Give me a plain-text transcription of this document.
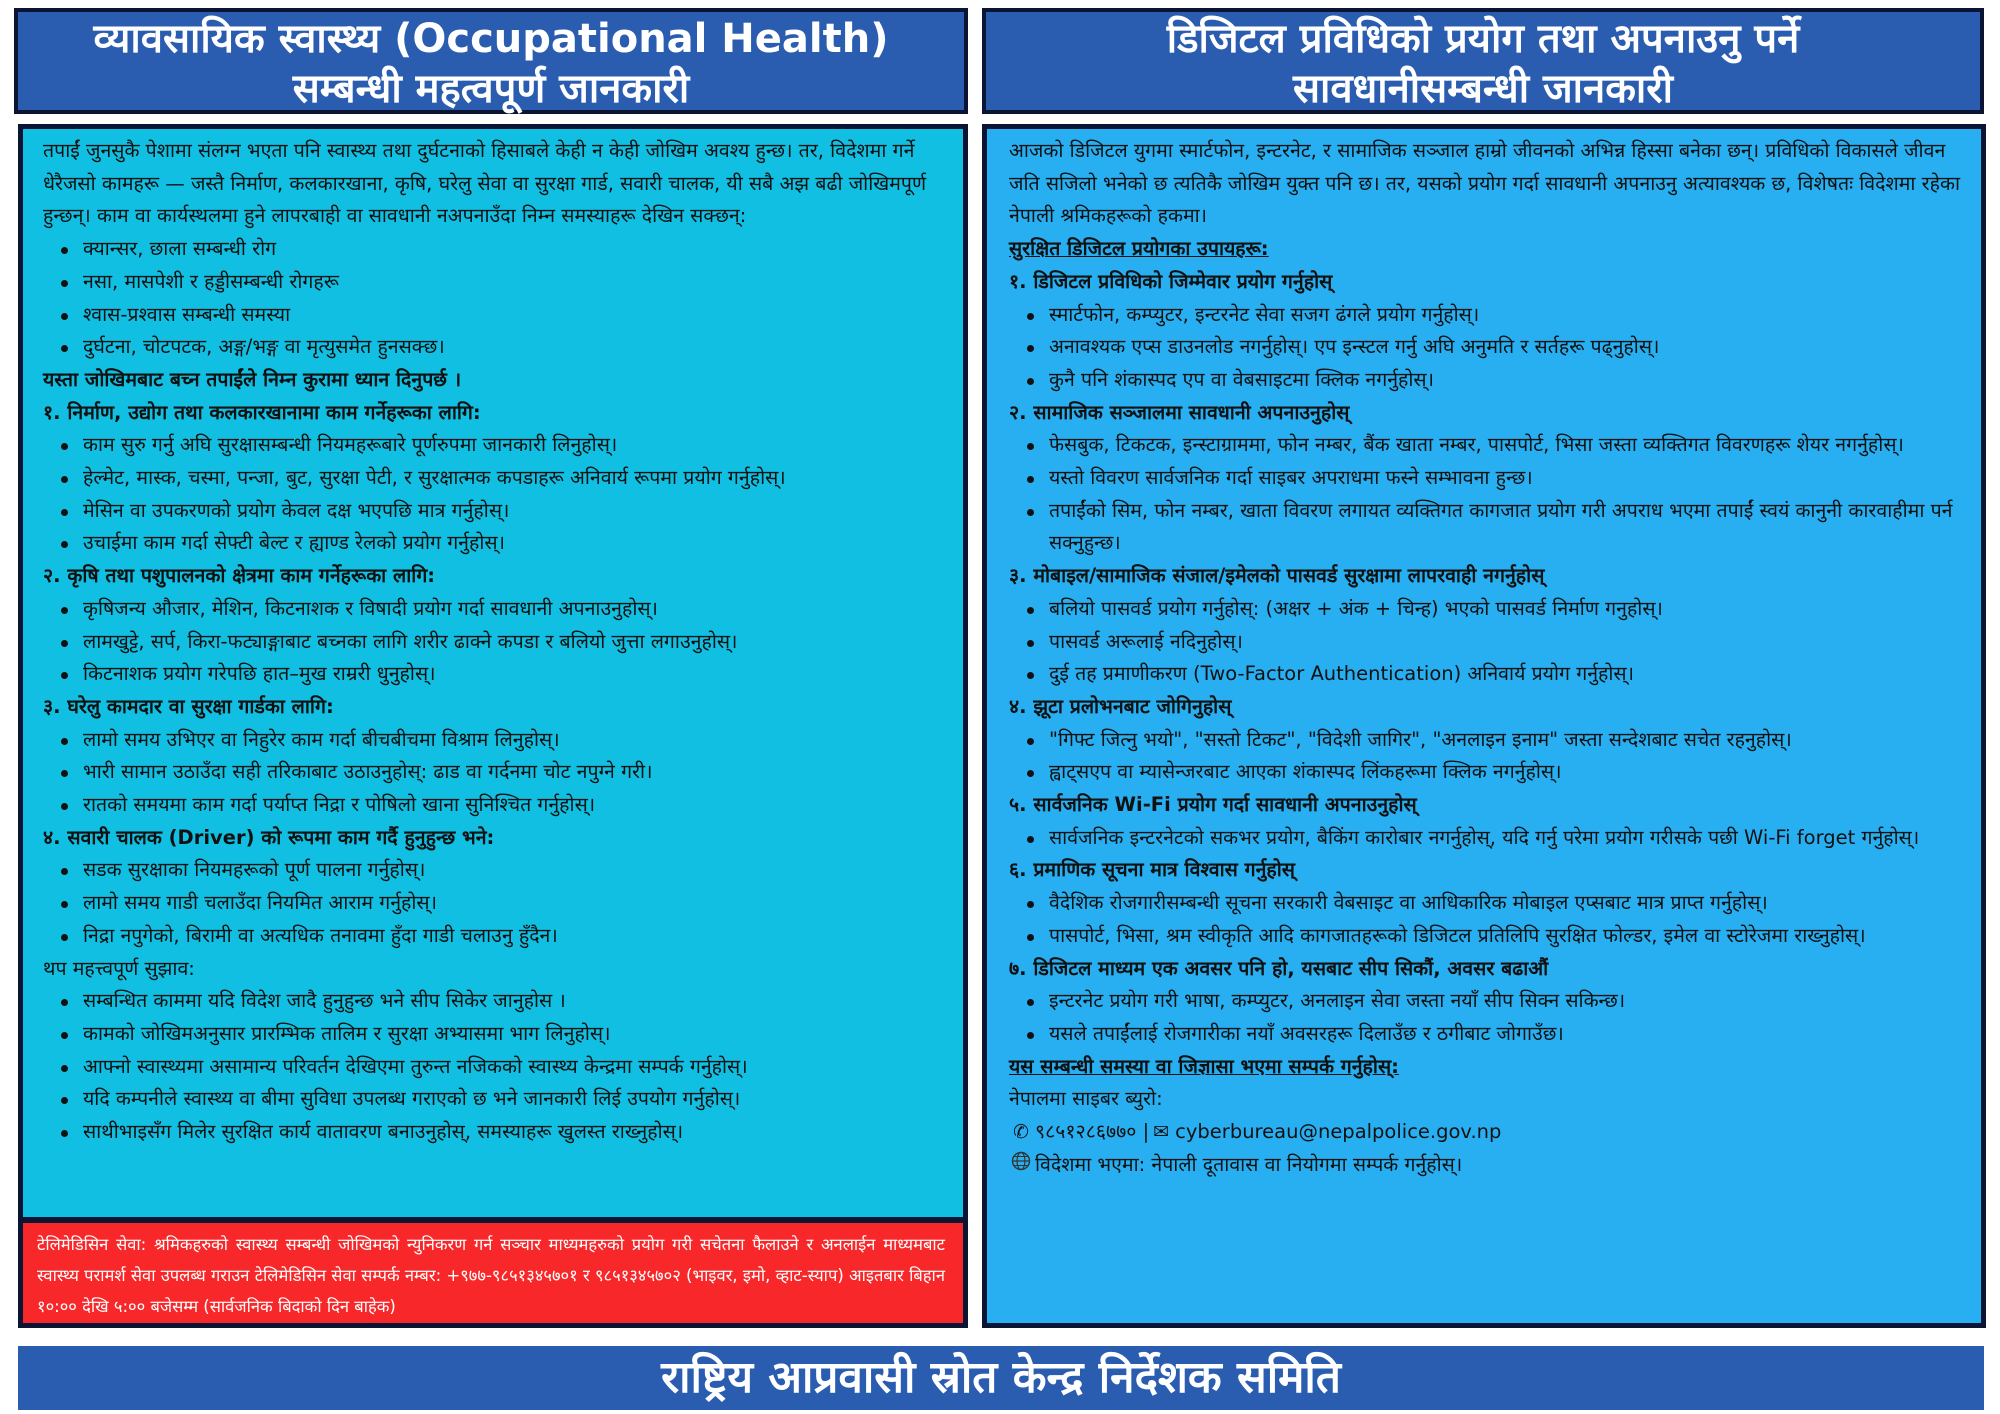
व्यावसायिक स्वास्थ्य (Occupational Health)
सम्बन्धी महत्वपूर्ण जानकारी
डिजिटल प्रविधिको प्रयोग तथा अपनाउनु पर्ने
सावधानीसम्बन्धी जानकारी

तपाईं जुनसुकै पेशामा संलग्न भएता पनि स्वास्थ्य तथा दुर्घटनाको हिसाबले केही न केही जोखिम अवश्य हुन्छ। तर, विदेशमा गर्ने धेरैजसो कामहरू — जस्तै निर्माण, कलकारखाना, कृषि, घरेलु सेवा वा सुरक्षा गार्ड, सवारी चालक, यी सबै अझ बढी जोखिमपूर्ण हुन्छन्। काम वा कार्यस्थलमा हुने लापरबाही वा सावधानी नअपनाउँदा निम्न समस्याहरू देखिन सक्छन्:

क्यान्सर, छाला सम्बन्धी रोग
नसा, मासपेशी र हड्डीसम्बन्धी रोगहरू
श्वास-प्रश्वास सम्बन्धी समस्या
दुर्घटना, चोटपटक, अङ्ग/भङ्ग वा मृत्युसमेत हुनसक्छ।

यस्ता जोखिमबाट बच्न तपाईंले निम्न कुरामा ध्यान दिनुपर्छ ।

१. निर्माण, उद्योग तथा कलकारखानामा काम गर्नेहरूका लागि:

काम सुरु गर्नु अघि सुरक्षासम्बन्धी नियमहरूबारे पूर्णरुपमा जानकारी लिनुहोस्।
हेल्मेट, मास्क, चस्मा, पन्जा, बुट, सुरक्षा पेटी, र सुरक्षात्मक कपडाहरू अनिवार्य रूपमा प्रयोग गर्नुहोस्।
मेसिन वा उपकरणको प्रयोग केवल दक्ष भएपछि मात्र गर्नुहोस्।
उचाईमा काम गर्दा सेफ्टी बेल्ट र ह्याण्ड रेलको प्रयोग गर्नुहोस्।

२. कृषि तथा पशुपालनको क्षेत्रमा काम गर्नेहरूका लागि:

कृषिजन्य औजार, मेशिन, किटनाशक र विषादी प्रयोग गर्दा सावधानी अपनाउनुहोस्।
लामखुट्टे, सर्प, किरा-फट्याङ्गाबाट बच्नका लागि शरीर ढाक्ने कपडा र बलियो जुत्ता लगाउनुहोस्।
किटनाशक प्रयोग गरेपछि हात–मुख राम्ररी धुनुहोस्।

३. घरेलु कामदार वा सुरक्षा गार्डका लागि:

लामो समय उभिएर वा निहुरेर काम गर्दा बीचबीचमा विश्राम लिनुहोस्।
भारी सामान उठाउँदा सही तरिकाबाट उठाउनुहोस्: ढाड वा गर्दनमा चोट नपुग्ने गरी।
रातको समयमा काम गर्दा पर्याप्त निद्रा र पोषिलो खाना सुनिश्चित गर्नुहोस्।

४. सवारी चालक (Driver) को रूपमा काम गर्दै हुनुहुन्छ भने:

सडक सुरक्षाका नियमहरूको पूर्ण पालना गर्नुहोस्।
लामो समय गाडी चलाउँदा नियमित आराम गर्नुहोस्।
निद्रा नपुगेको, बिरामी वा अत्यधिक तनावमा हुँदा गाडी चलाउनु हुँदैन।

थप महत्त्वपूर्ण सुझाव:

सम्बन्धित काममा यदि विदेश जादै हुनुहुन्छ भने सीप सिकेर जानुहोस ।
कामको जोखिमअनुसार प्रारम्भिक तालिम र सुरक्षा अभ्यासमा भाग लिनुहोस्।
आफ्नो स्वास्थ्यमा असामान्य परिवर्तन देखिएमा तुरुन्त नजिकको स्वास्थ्य केन्द्रमा सम्पर्क गर्नुहोस्।
यदि कम्पनीले स्वास्थ्य वा बीमा सुविधा उपलब्ध गराएको छ भने जानकारी लिई उपयोग गर्नुहोस्।
साथीभाइसँग मिलेर सुरक्षित कार्य वातावरण बनाउनुहोस्, समस्याहरू खुलस्त राख्नुहोस्।
टेलिमेडिसिन सेवा: श्रमिकहरुको स्वास्थ्य सम्बन्धी जोखिमको न्युनिकरण गर्न सञ्चार माध्यमहरुको प्रयोग गरी सचेतना फैलाउने र अनलाईन माध्यमबाट स्वास्थ्य परामर्श सेवा उपलब्ध गराउन टेलिमेडिसिन सेवा सम्पर्क नम्बर: +९७७-९८५१३४५७०१ र ९८५१३४५७०२ (भाइवर, इमो, व्हाट-स्याप) आइतबार बिहान १०:०० देखि ५:०० बजेसम्म (सार्वजनिक बिदाको दिन बाहेक)

आजको डिजिटल युगमा स्मार्टफोन, इन्टरनेट, र सामाजिक सञ्जाल हाम्रो जीवनको अभिन्न हिस्सा बनेका छन्। प्रविधिको विकासले जीवन जति सजिलो भनेको छ त्यतिकै जोखिम युक्त पनि छ। तर, यसको प्रयोग गर्दा सावधानी अपनाउनु अत्यावश्यक छ, विशेषतः विदेशमा रहेका नेपाली श्रमिकहरूको हकमा।

सुरक्षित डिजिटल प्रयोगका उपायहरू:

१. डिजिटल प्रविधिको जिम्मेवार प्रयोग गर्नुहोस्

स्मार्टफोन, कम्प्युटर, इन्टरनेट सेवा सजग ढंगले प्रयोग गर्नुहोस्।
अनावश्यक एप्स डाउनलोड नगर्नुहोस्। एप इन्स्टल गर्नु अघि अनुमति र सर्तहरू पढ्नुहोस्।
कुनै पनि शंकास्पद एप वा वेबसाइटमा क्लिक नगर्नुहोस्।

२. सामाजिक सञ्जालमा सावधानी अपनाउनुहोस्

फेसबुक, टिकटक, इन्स्टाग्राममा, फोन नम्बर, बैंक खाता नम्बर, पासपोर्ट, भिसा जस्ता व्यक्तिगत विवरणहरू शेयर नगर्नुहोस्।
यस्तो विवरण सार्वजनिक गर्दा साइबर अपराधमा फस्ने सम्भावना हुन्छ।
तपाईंको सिम, फोन नम्बर, खाता विवरण लगायत व्यक्तिगत कागजात प्रयोग गरी अपराध भएमा तपाईं स्वयं कानुनी कारवाहीमा पर्न सक्नुहुन्छ।

३. मोबाइल/सामाजिक संजाल/इमेलको पासवर्ड सुरक्षामा लापरवाही नगर्नुहोस्

बलियो पासवर्ड प्रयोग गर्नुहोस्: (अक्षर + अंक + चिन्ह) भएको पासवर्ड निर्माण गनुहोस्।
पासवर्ड अरूलाई नदिनुहोस्।
दुई तह प्रमाणीकरण (Two-Factor Authentication) अनिवार्य प्रयोग गर्नुहोस्।

४. झूटा प्रलोभनबाट जोगिनुहोस्

"गिफ्ट जित्नु भयो", "सस्तो टिकट", "विदेशी जागिर", "अनलाइन इनाम" जस्ता सन्देशबाट सचेत रहनुहोस्।
ह्वाट्सएप वा म्यासेन्जरबाट आएका शंकास्पद लिंकहरूमा क्लिक नगर्नुहोस्।

५. सार्वजनिक Wi-Fi प्रयोग गर्दा सावधानी अपनाउनुहोस्

सार्वजनिक इन्टरनेटको सकभर प्रयोग, बैकिंग कारोबार नगर्नुहोस्, यदि गर्नु परेमा प्रयोग गरीसके पछी Wi-Fi forget गर्नुहोस्।

६. प्रमाणिक सूचना मात्र विश्वास गर्नुहोस्

वैदेशिक रोजगारीसम्बन्धी सूचना सरकारी वेबसाइट वा आधिकारिक मोबाइल एप्सबाट मात्र प्राप्त गर्नुहोस्।
पासपोर्ट, भिसा, श्रम स्वीकृति आदि कागजातहरूको डिजिटल प्रतिलिपि सुरक्षित फोल्डर, इमेल वा स्टोरेजमा राख्नुहोस्।

७. डिजिटल माध्यम एक अवसर पनि हो, यसबाट सीप सिकौं, अवसर बढाऔं

इन्टरनेट प्रयोग गरी भाषा, कम्प्युटर, अनलाइन सेवा जस्ता नयाँ सीप सिक्न सकिन्छ।
यसले तपाईंलाई रोजगारीका नयाँ अवसरहरू दिलाउँछ र ठगीबाट जोगाउँछ।

यस सम्बन्धी समस्या वा जिज्ञासा भएमा सम्पर्क गर्नुहोस्:

नेपालमा साइबर ब्युरो:

✆ ९८५१२८६७७० | ✉ cyberbureau@nepalpolice.gov.np

विदेशमा भएमा: नेपाली दूतावास वा नियोगमा सम्पर्क गर्नुहोस्।

राष्ट्रिय आप्रवासी स्रोत केन्द्र निर्देशक समिति
